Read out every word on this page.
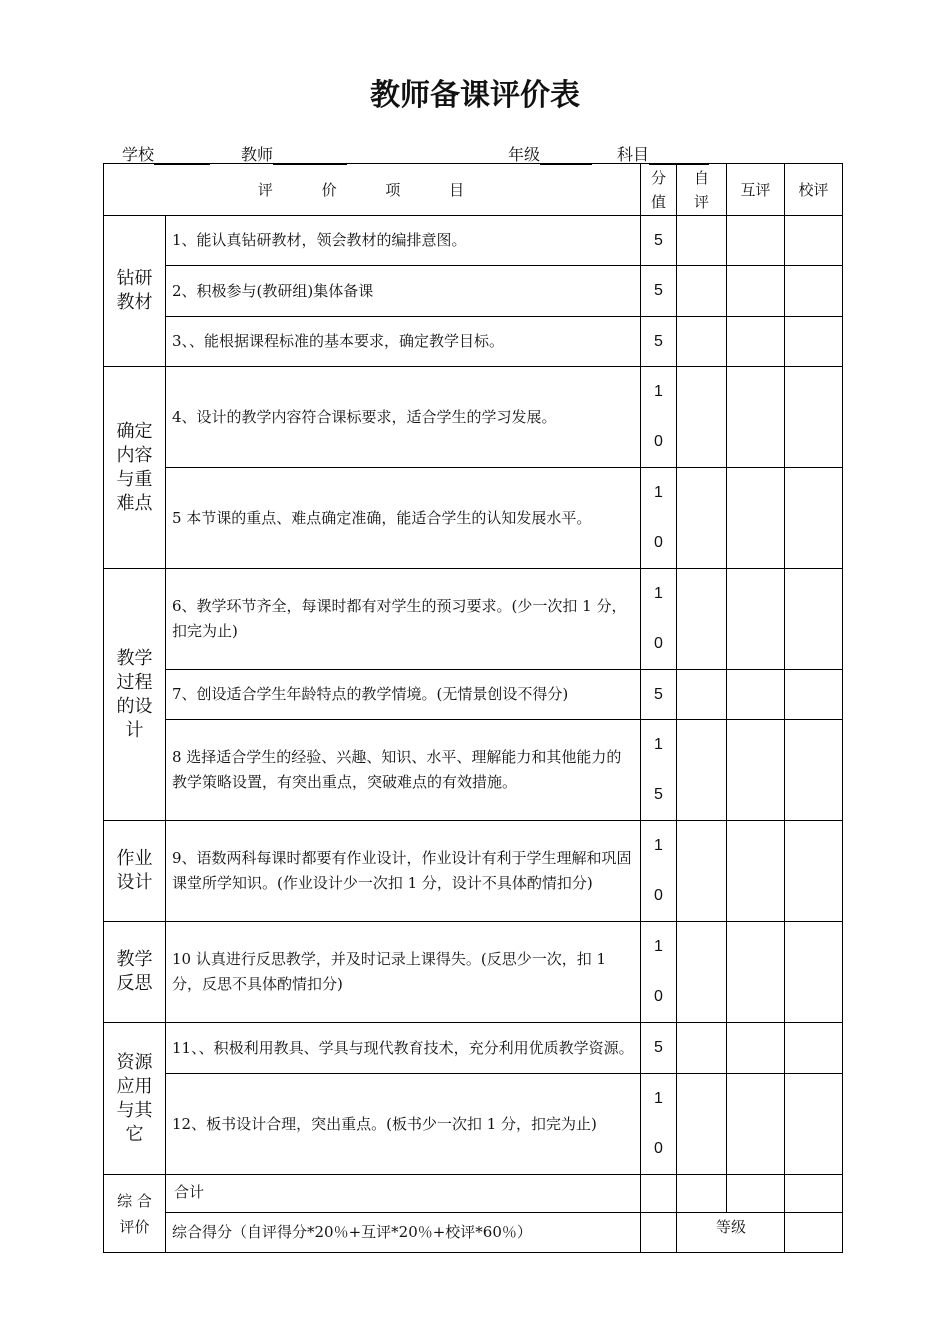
教师备课评价表
学校	教师	年级	科目
评 价 项 目		分值	自评	互评	校评

钻研教材	1、能认真钻研教材，领会教材的编排意图。	5			
	2、积极参与(教研组)集体备课	5			
	3、、能根据课程标准的基本要求，确定教学目标。	5			

确定内容与重难点	4、设计的教学内容符合课标要求，适合学生的学习发展。	10			

	5 本节课的重点、难点确定准确，能适合学生的认知发展水平。	10			

教学过程的设计	6、教学环节齐全，每课时都有对学生的预习要求。(少一次扣 1 分，扣完为止)	10			

	7、创设适合学生年龄特点的教学情境。(无情景创设不得分)	5			
	8 选择适合学生的经验、兴趣、知识、水平、理解能力和其他能力的教学策略设置，有突出重点，突破难点的有效措施。	15			

作业设计	9、语数两科每课时都要有作业设计，作业设计有利于学生理解和巩固课堂所学知识。(作业设计少一次扣 1 分，设计不具体酌情扣分)	10			

教学反思	10 认真进行反思教学，并及时记录上课得失。(反思少一次，扣 1 分，反思不具体酌情扣分)	10			

资源应用与其它	11、、积极利用教具、学具与现代教育技术，充分利用优质教学资源。	5			
	12、板书设计合理，突出重点。(板书少一次扣 1 分，扣完为止)	10			

综 合 评价	合计				
	综合得分（自评得分*20％+互评*20％+校评*60％）		等级		
